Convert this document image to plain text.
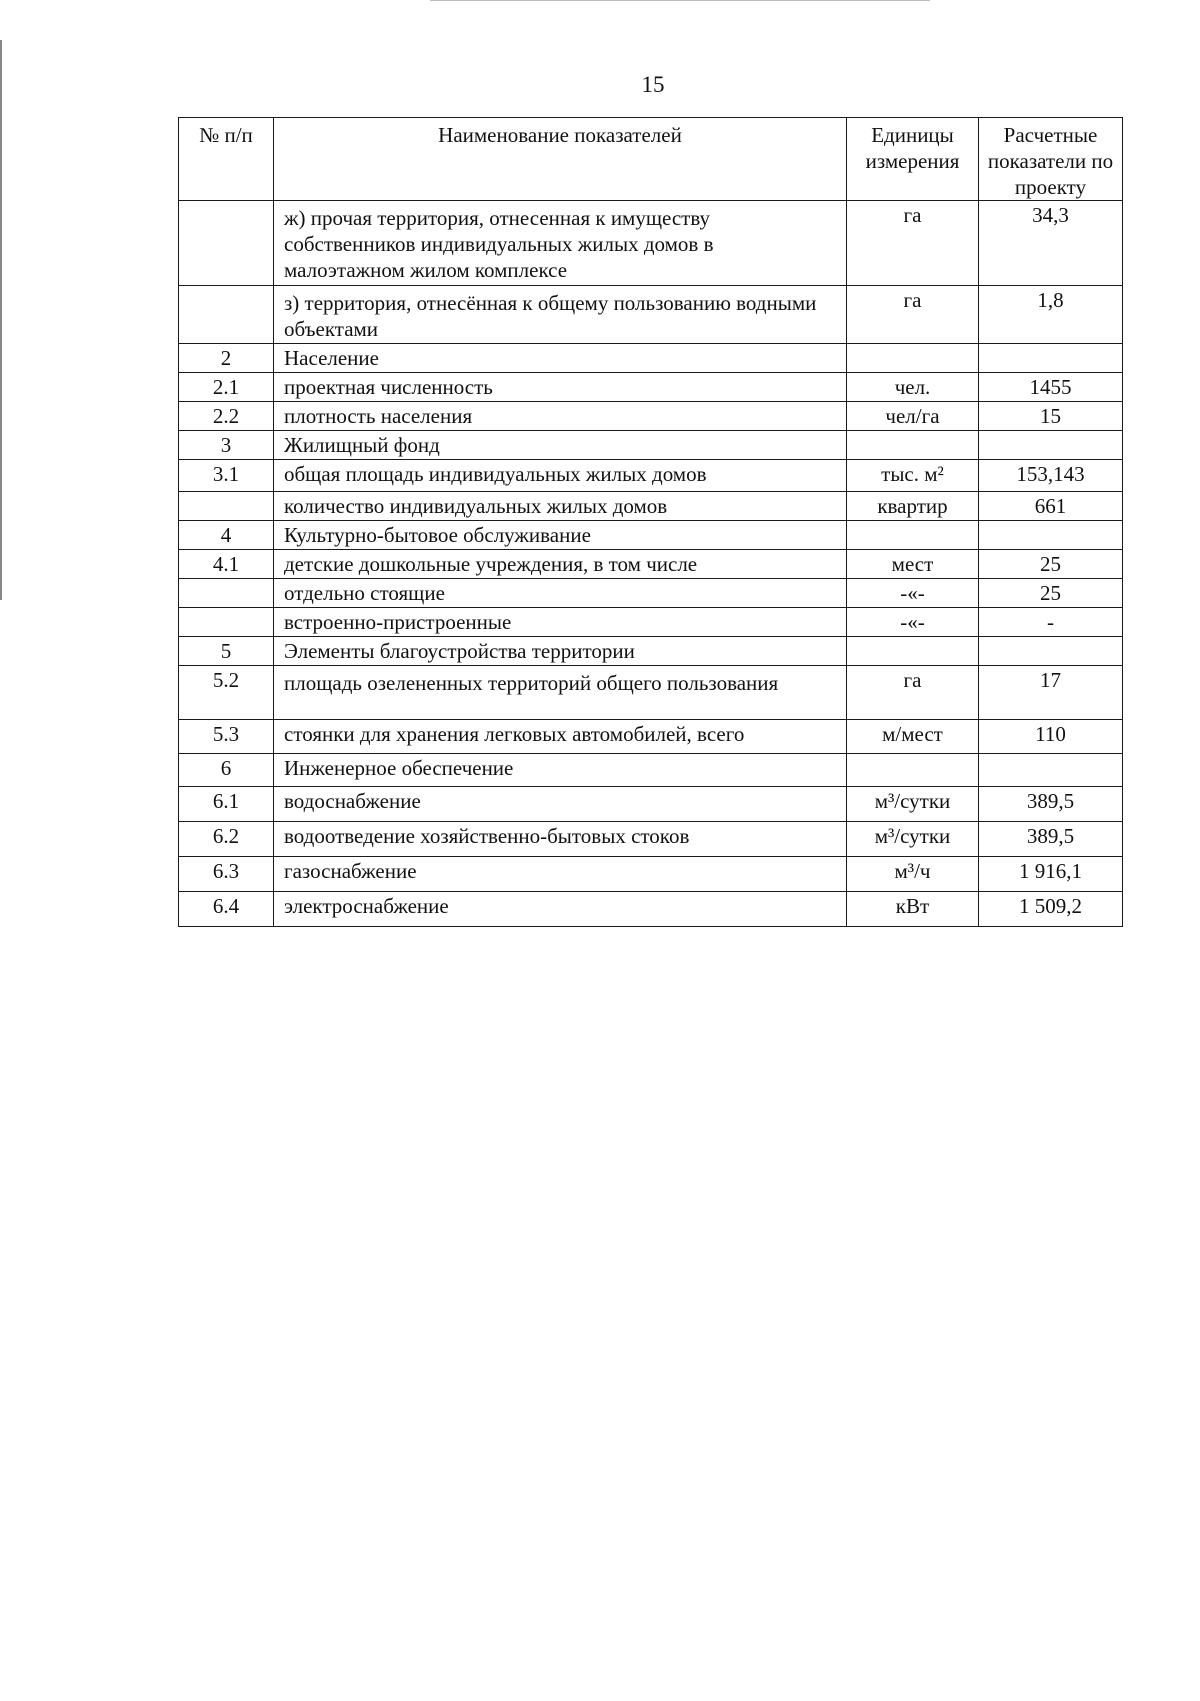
15
№ п/п	Наименование показателей	Единицы измерения	Расчетные показатели по проекту
	ж) прочая территория, отнесенная к имуществу собственников индивидуальных жилых домов в малоэтажном жилом комплексе	га	34,3
	з) территория, отнесённая к общему пользованию водными объектами	га	1,8
2	Население		
2.1	проектная численность	чел.	1455
2.2	плотность населения	чел/га	15
3	Жилищный фонд		
3.1	общая площадь индивидуальных жилых домов	тыс. м²	153,143
	количество индивидуальных жилых домов	квартир	661
4	Культурно-бытовое обслуживание		
4.1	детские дошкольные учреждения, в том числе	мест	25
	отдельно стоящие	-«-	25
	встроенно-пристроенные	-«-	-
5	Элементы благоустройства территории		
5.2	площадь озелененных территорий общего пользования	га	17
5.3	стоянки для хранения легковых автомобилей, всего	м/мест	110
6	Инженерное обеспечение		
6.1	водоснабжение	м³/сутки	389,5
6.2	водоотведение хозяйственно-бытовых стоков	м³/сутки	389,5
6.3	газоснабжение	м³/ч	1 916,1
6.4	электроснабжение	кВт	1 509,2
